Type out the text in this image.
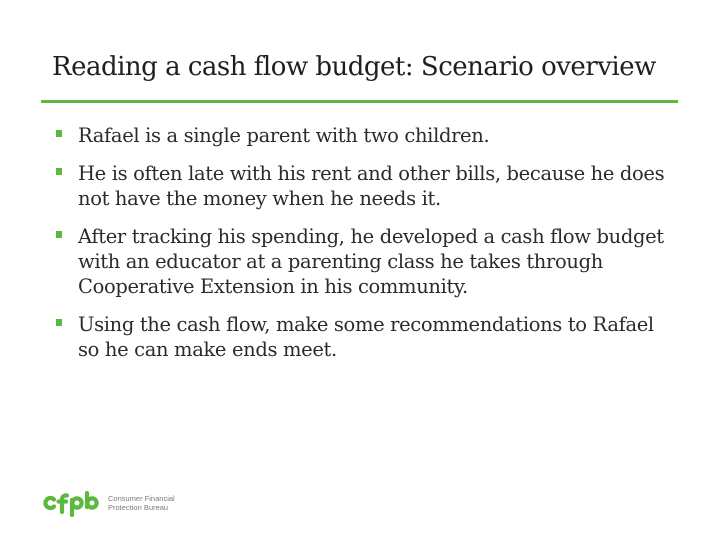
Reading a cash flow budget: Scenario overview
Rafael is a single parent with two children.
He is often late with his rent and other bills, because he does not have the money when he needs it.
After tracking his spending, he developed a cash flow budget with an educator at a parenting class he takes through Cooperative Extension in his community.
Using the cash flow, make some recommendations to Rafael so he can make ends meet.
Consumer Financial
Protection Bureau
